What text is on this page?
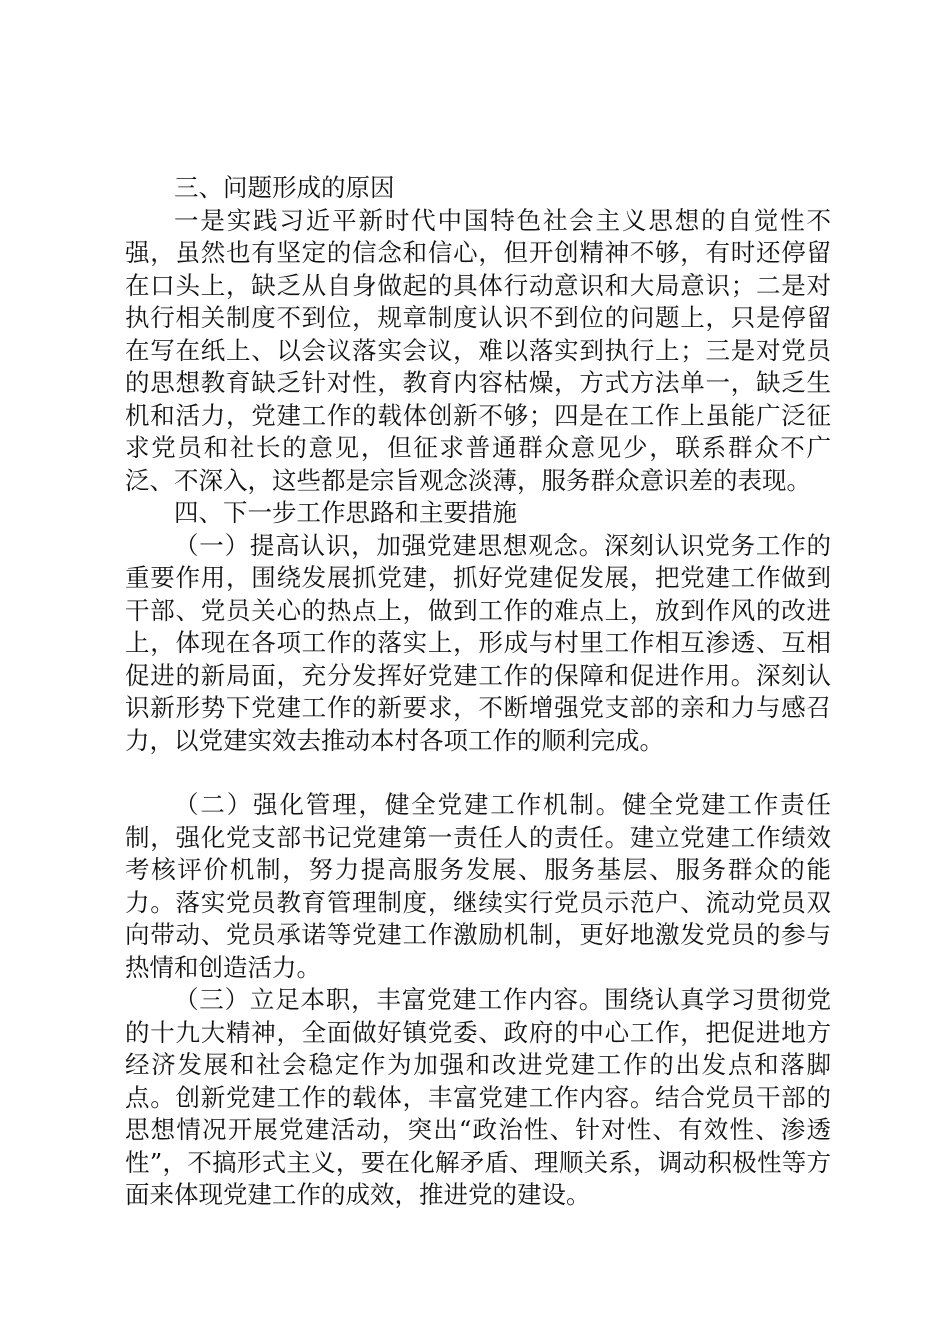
三、问题形成的原因

一是实践习近平新时代中国特色社会主义思想的自觉性不强，虽然也有坚定的信念和信心，但开创精神不够，有时还停留在口头上，缺乏从自身做起的具体行动意识和大局意识；二是对执行相关制度不到位，规章制度认识不到位的问题上，只是停留在写在纸上、以会议落实会议，难以落实到执行上；三是对党员的思想教育缺乏针对性，教育内容枯燥，方式方法单一，缺乏生机和活力，党建工作的载体创新不够；四是在工作上虽能广泛征求党员和社长的意见，但征求普通群众意见少，联系群众不广泛、不深入，这些都是宗旨观念淡薄，服务群众意识差的表现。

四、下一步工作思路和主要措施

（一）提高认识，加强党建思想观念。深刻认识党务工作的重要作用，围绕发展抓党建，抓好党建促发展，把党建工作做到干部、党员关心的热点上，做到工作的难点上，放到作风的改进上，体现在各项工作的落实上，形成与村里工作相互渗透、互相促进的新局面，充分发挥好党建工作的保障和促进作用。深刻认识新形势下党建工作的新要求，不断增强党支部的亲和力与感召力，以党建实效去推动本村各项工作的顺利完成。

（二）强化管理，健全党建工作机制。健全党建工作责任制，强化党支部书记党建第一责任人的责任。建立党建工作绩效考核评价机制，努力提高服务发展、服务基层、服务群众的能力。落实党员教育管理制度，继续实行党员示范户、流动党员双向带动、党员承诺等党建工作激励机制，更好地激发党员的参与热情和创造活力。

（三）立足本职，丰富党建工作内容。围绕认真学习贯彻党的十九大精神，全面做好镇党委、政府的中心工作，把促进地方经济发展和社会稳定作为加强和改进党建工作的出发点和落脚点。创新党建工作的载体，丰富党建工作内容。结合党员干部的思想情况开展党建活动，突出“政治性、针对性、有效性、渗透性”，不搞形式主义，要在化解矛盾、理顺关系，调动积极性等方面来体现党建工作的成效，推进党的建设。
